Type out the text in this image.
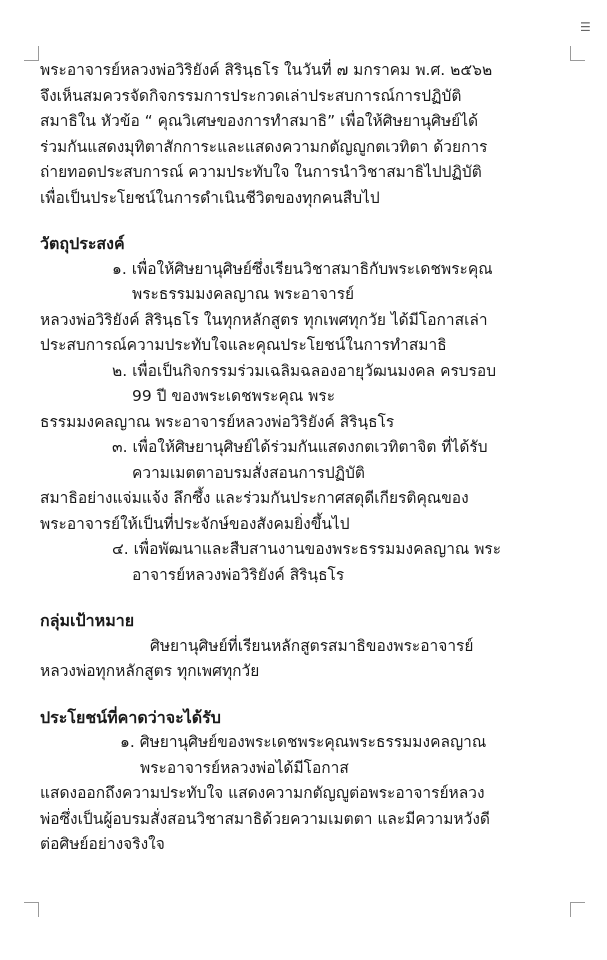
☰
พระอาจารย์หลวงพ่อวิริยังค์ สิรินฺธโร ในวันที่ ๗ มกราคม พ.ศ. ๒๕๖๒
จึงเห็นสมควรจัดกิจกรรมการประกวดเล่าประสบการณ์การปฏิบัติ
สมาธิใน หัวข้อ “ คุณวิเศษของการทำสมาธิ” เพื่อให้ศิษยานุศิษย์ได้
ร่วมกันแสดงมุทิตาสักการะและแสดงความกตัญญูกตเวทิตา ด้วยการ
ถ่ายทอดประสบการณ์ ความประทับใจ ในการนำวิชาสมาธิไปปฏิบัติ
เพื่อเป็นประโยชน์ในการดำเนินชีวิตของทุกคนสืบไป
วัตถุประสงค์
๑. เพื่อให้ศิษยานุศิษย์ซึ่งเรียนวิชาสมาธิกับพระเดชพระคุณ
พระธรรมมงคลญาณ พระอาจารย์
หลวงพ่อวิริยังค์ สิรินฺธโร ในทุกหลักสูตร ทุกเพศทุกวัย ได้มีโอกาสเล่า
ประสบการณ์ความประทับใจและคุณประโยชน์ในการทำสมาธิ
๒. เพื่อเป็นกิจกรรมร่วมเฉลิมฉลองอายุวัฒนมงคล ครบรอบ
99 ปี ของพระเดชพระคุณ พระ
ธรรมมงคลญาณ พระอาจารย์หลวงพ่อวิริยังค์ สิรินฺธโร
๓. เพื่อให้ศิษยานุศิษย์ได้ร่วมกันแสดงกตเวทิตาจิต ที่ได้รับ
ความเมตตาอบรมสั่งสอนการปฏิบัติ
สมาธิอย่างแจ่มแจ้ง ลึกซึ้ง และร่วมกันประกาศสดุดีเกียรติคุณของ
พระอาจารย์ให้เป็นที่ประจักษ์ของสังคมยิ่งขึ้นไป
๔. เพื่อพัฒนาและสืบสานงานของพระธรรมมงคลญาณ พระ
อาจารย์หลวงพ่อวิริยังค์ สิรินฺธโร
กลุ่มเป้าหมาย
ศิษยานุศิษย์ที่เรียนหลักสูตรสมาธิของพระอาจารย์
หลวงพ่อทุกหลักสูตร ทุกเพศทุกวัย
ประโยชน์ที่คาดว่าจะได้รับ
๑. ศิษยานุศิษย์ของพระเดชพระคุณพระธรรมมงคลญาณ
พระอาจารย์หลวงพ่อได้มีโอกาส
แสดงออกถึงความประทับใจ แสดงความกตัญญูต่อพระอาจารย์หลวง
พ่อซึ่งเป็นผู้อบรมสั่งสอนวิชาสมาธิด้วยความเมตตา และมีความหวังดี
ต่อศิษย์อย่างจริงใจ
